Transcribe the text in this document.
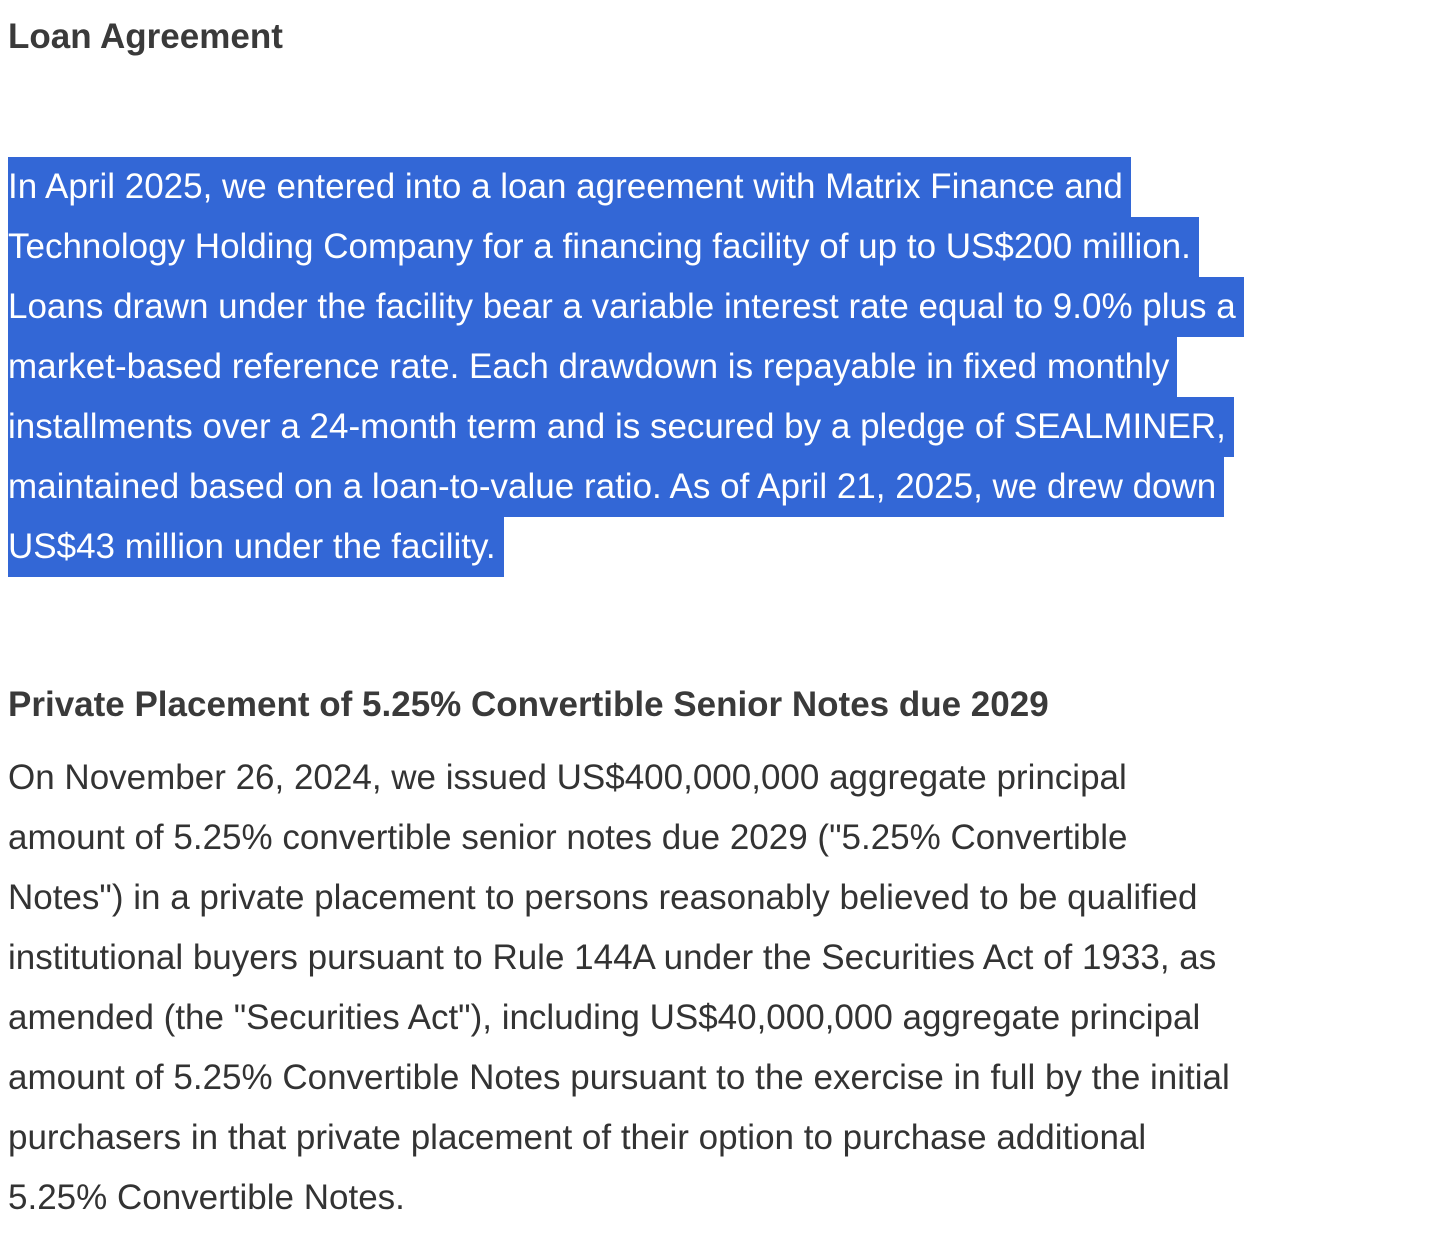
Loan Agreement

In April 2025, we entered into a loan agreement with Matrix Finance and
Technology Holding Company for a financing facility of up to US$200 million.
Loans drawn under the facility bear a variable interest rate equal to 9.0% plus a
market-based reference rate. Each drawdown is repayable in fixed monthly
installments over a 24-month term and is secured by a pledge of SEALMINER,
maintained based on a loan-to-value ratio. As of April 21, 2025, we drew down
US$43 million under the facility.

Private Placement of 5.25% Convertible Senior Notes due 2029

On November 26, 2024, we issued US$400,000,000 aggregate principal
amount of 5.25% convertible senior notes due 2029 ("5.25% Convertible
Notes") in a private placement to persons reasonably believed to be qualified
institutional buyers pursuant to Rule 144A under the Securities Act of 1933, as
amended (the "Securities Act"), including US$40,000,000 aggregate principal
amount of 5.25% Convertible Notes pursuant to the exercise in full by the initial
purchasers in that private placement of their option to purchase additional
5.25% Convertible Notes.
